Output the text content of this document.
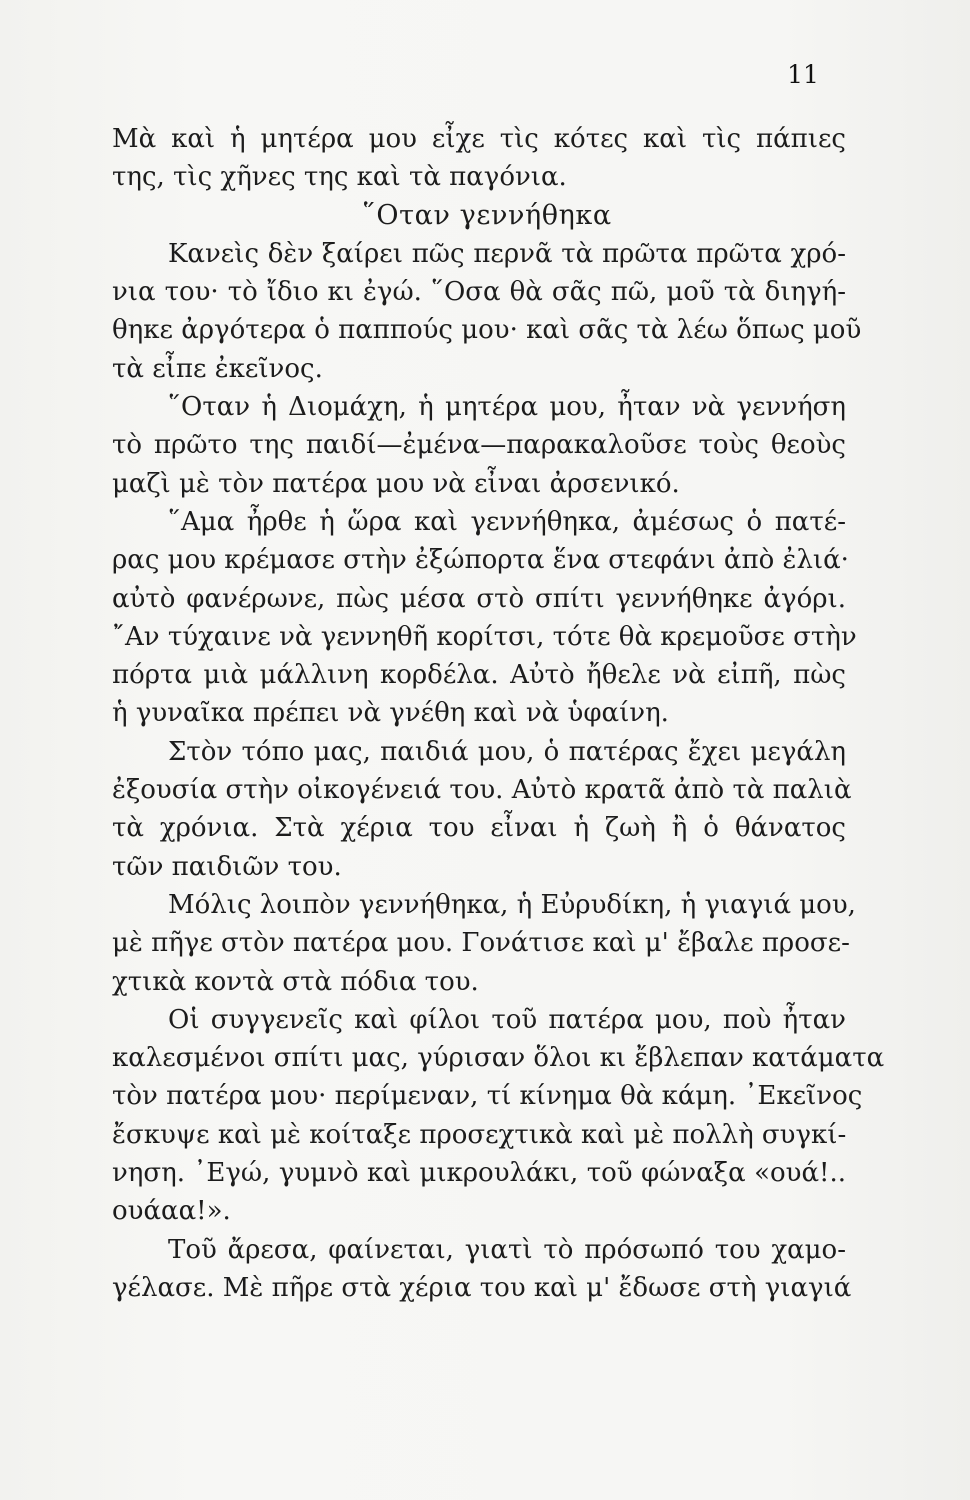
11
Μὰ καὶ ἡ μητέρα μου εἶχε τὶς κότες καὶ τὶς πάπιες
της, τὶς χῆνες της καὶ τὰ παγόνια.
῞Οταν γεννήθηκα
Κανεὶς δὲν ξαίρει πῶς περνᾶ τὰ πρῶτα πρῶτα χρό-
νια του· τὸ ἴδιο κι ἐγώ. ῞Οσα θὰ σᾶς πῶ, μοῦ τὰ διηγή-
θηκε ἀργότερα ὁ παππούς μου· καὶ σᾶς τὰ λέω ὅπως μοῦ
τὰ εἶπε ἐκεῖνος.
῞Οταν ἡ Διομάχη, ἡ μητέρα μου, ἦταν νὰ γεννήση
τὸ πρῶτο της παιδί—ἐμένα—παρακαλοῦσε τοὺς θεοὺς
μαζὶ μὲ τὸν πατέρα μου νὰ εἶναι ἀρσενικό.
῞Αμα ἦρθε ἡ ὥρα καὶ γεννήθηκα, ἀμέσως ὁ πατέ-
ρας μου κρέμασε στὴν ἐξώπορτα ἕνα στεφάνι ἀπὸ ἐλιά·
αὐτὸ φανέρωνε, πὼς μέσα στὸ σπίτι γεννήθηκε ἀγόρι.
῎Αν τύχαινε νὰ γεννηθῆ κορίτσι, τότε θὰ κρεμοῦσε στὴν
πόρτα μιὰ μάλλινη κορδέλα. Αὐτὸ ἤθελε νὰ εἰπῆ, πὼς
ἡ γυναῖκα πρέπει νὰ γνέθη καὶ νὰ ὑφαίνη.
Στὸν τόπο μας, παιδιά μου, ὁ πατέρας ἔχει μεγάλη
ἐξουσία στὴν οἰκογένειά του. Αὐτὸ κρατᾶ ἀπὸ τὰ παλιὰ
τὰ χρόνια. Στὰ χέρια του εἶναι ἡ ζωὴ ἢ ὁ θάνατος
τῶν παιδιῶν του.
Μόλις λοιπὸν γεννήθηκα, ἡ Εὐρυδίκη, ἡ γιαγιά μου,
μὲ πῆγε στὸν πατέρα μου. Γονάτισε καὶ μ' ἔβαλε προσε-
χτικὰ κοντὰ στὰ πόδια του.
Οἱ συγγενεῖς καὶ φίλοι τοῦ πατέρα μου, ποὺ ἦταν
καλεσμένοι σπίτι μας, γύρισαν ὅλοι κι ἔβλεπαν κατάματα
τὸν πατέρα μου· περίμεναν, τί κίνημα θὰ κάμη. ᾿Εκεῖνος
ἔσκυψε καὶ μὲ κοίταξε προσεχτικὰ καὶ μὲ πολλὴ συγκί-
νηση. ᾿Εγώ, γυμνὸ καὶ μικρουλάκι, τοῦ φώναξα «ουά!..
ουάαα!».
Τοῦ ἄρεσα, φαίνεται, γιατὶ τὸ πρόσωπό του χαμο-
γέλασε. Μὲ πῆρε στὰ χέρια του καὶ μ' ἔδωσε στὴ γιαγιά
